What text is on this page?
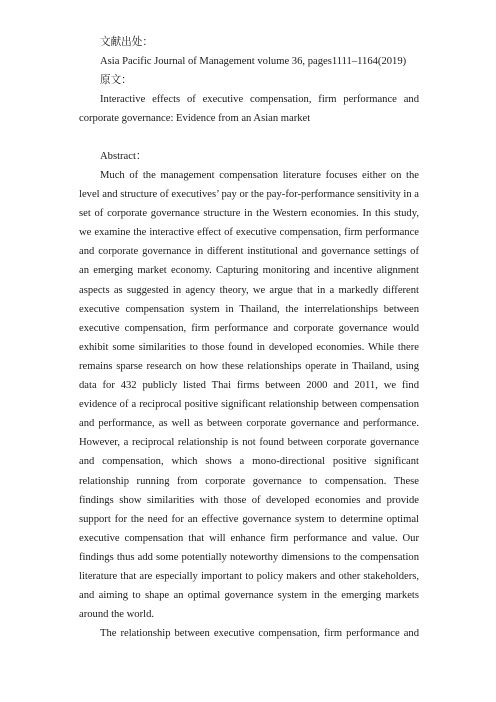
文献出处：

Asia Pacific Journal of Management volume 36, pages1111–1164(2019)

原文：

Interactive effects of executive compensation, firm performance and corporate governance: Evidence from an Asian market

Abstract：

Much of the management compensation literature focuses either on the level and structure of executives’ pay or the pay-for-performance sensitivity in a set of corporate governance structure in the Western economies. In this study, we examine the interactive effect of executive compensation, firm performance and corporate governance in different institutional and governance settings of an emerging market economy. Capturing monitoring and incentive alignment aspects as suggested in agency theory, we argue that in a markedly different executive compensation system in Thailand, the interrelationships between executive compensation, firm performance and corporate governance would exhibit some similarities to those found in developed economies. While there remains sparse research on how these relationships operate in Thailand, using data for 432 publicly listed Thai firms between 2000 and 2011, we find evidence of a reciprocal positive significant relationship between compensation and performance, as well as between corporate governance and performance. However, a reciprocal relationship is not found between corporate governance and compensation, which shows a mono-directional positive significant relationship running from corporate governance to compensation. These findings show similarities with those of developed economies and provide support for the need for an effective governance system to determine optimal executive compensation that will enhance firm performance and value. Our findings thus add some potentially noteworthy dimensions to the compensation literature that are especially important to policy makers and other stakeholders, and aiming to shape an optimal governance system in the emerging markets around the world.

The relationship between executive compensation, firm performance and
